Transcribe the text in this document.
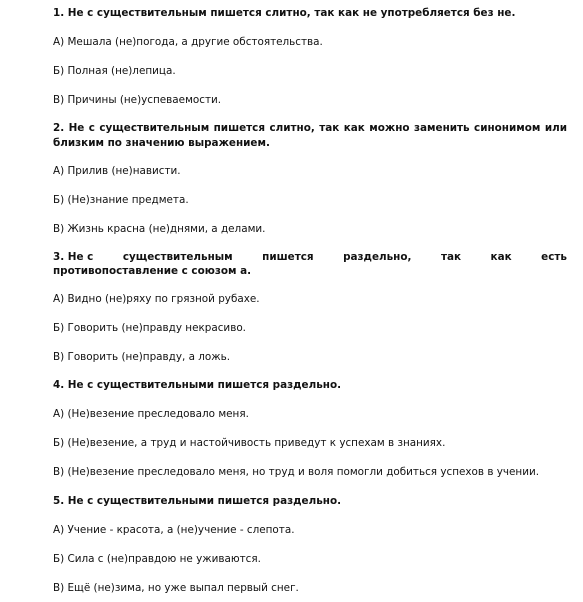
1. Не с существительным пишется слитно, так как не употребляется без не.

А) Мешала (не)погода, а другие обстоятельства.

Б) Полная (не)лепица.

В) Причины (не)успеваемости.

2. Не с существительным пишется слитно, так как можно заменить синонимом или близким по значению выражением.

А) Прилив (не)нависти.

Б) (Не)знание предмета.

В) Жизнь красна (не)днями, а делами.

3. Не с	существительным	пишется	раздельно,	так	как	есть

противопоставление с союзом а.

А) Видно (не)ряху по грязной рубахе.

Б) Говорить (не)правду некрасиво.

В) Говорить (не)правду, а ложь.

4. Не с существительными пишется раздельно.

А) (Не)везение преследовало меня.

Б) (Не)везение, а труд и настойчивость приведут к успехам в знаниях.

В) (Не)везение преследовало меня, но труд и воля помогли добиться успехов в учении.

5. Не с существительными пишется раздельно.

А) Учение - красота, а (не)учение - слепота.

Б) Сила с (не)правдою не уживаются.

В) Ещё (не)зима, но уже выпал первый снег.
